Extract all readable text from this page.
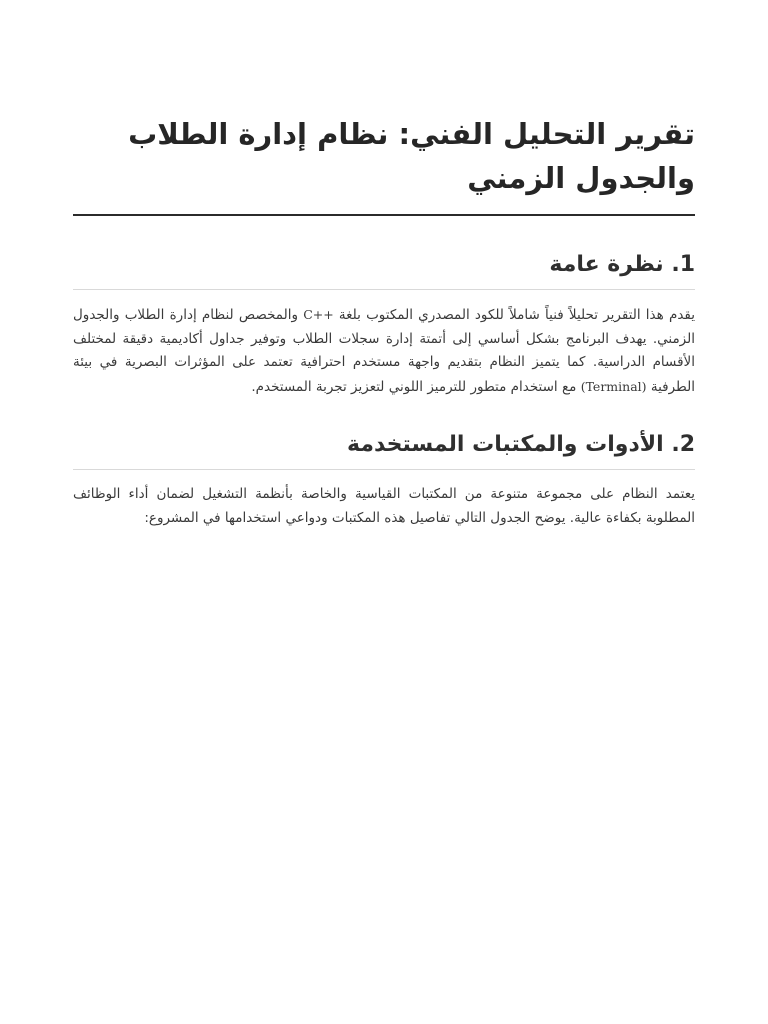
تقرير التحليل الفني: نظام إدارة الطلاب والجدول الزمني
1. نظرة عامة

يقدم هذا التقرير تحليلاً فنياً شاملاً للكود المصدري المكتوب بلغة C++ والمخصص لنظام إدارة الطلاب والجدول الزمني. يهدف البرنامج بشكل أساسي إلى أتمتة إدارة سجلات الطلاب وتوفير جداول أكاديمية دقيقة لمختلف الأقسام الدراسية. كما يتميز النظام بتقديم واجهة مستخدم احترافية تعتمد على المؤثرات البصرية في بيئة الطرفية (Terminal) مع استخدام متطور للترميز اللوني لتعزيز تجربة المستخدم.

2. الأدوات والمكتبات المستخدمة

يعتمد النظام على مجموعة متنوعة من المكتبات القياسية والخاصة بأنظمة التشغيل لضمان أداء الوظائف المطلوبة بكفاءة عالية. يوضح الجدول التالي تفاصيل هذه المكتبات ودواعي استخدامها في المشروع:
